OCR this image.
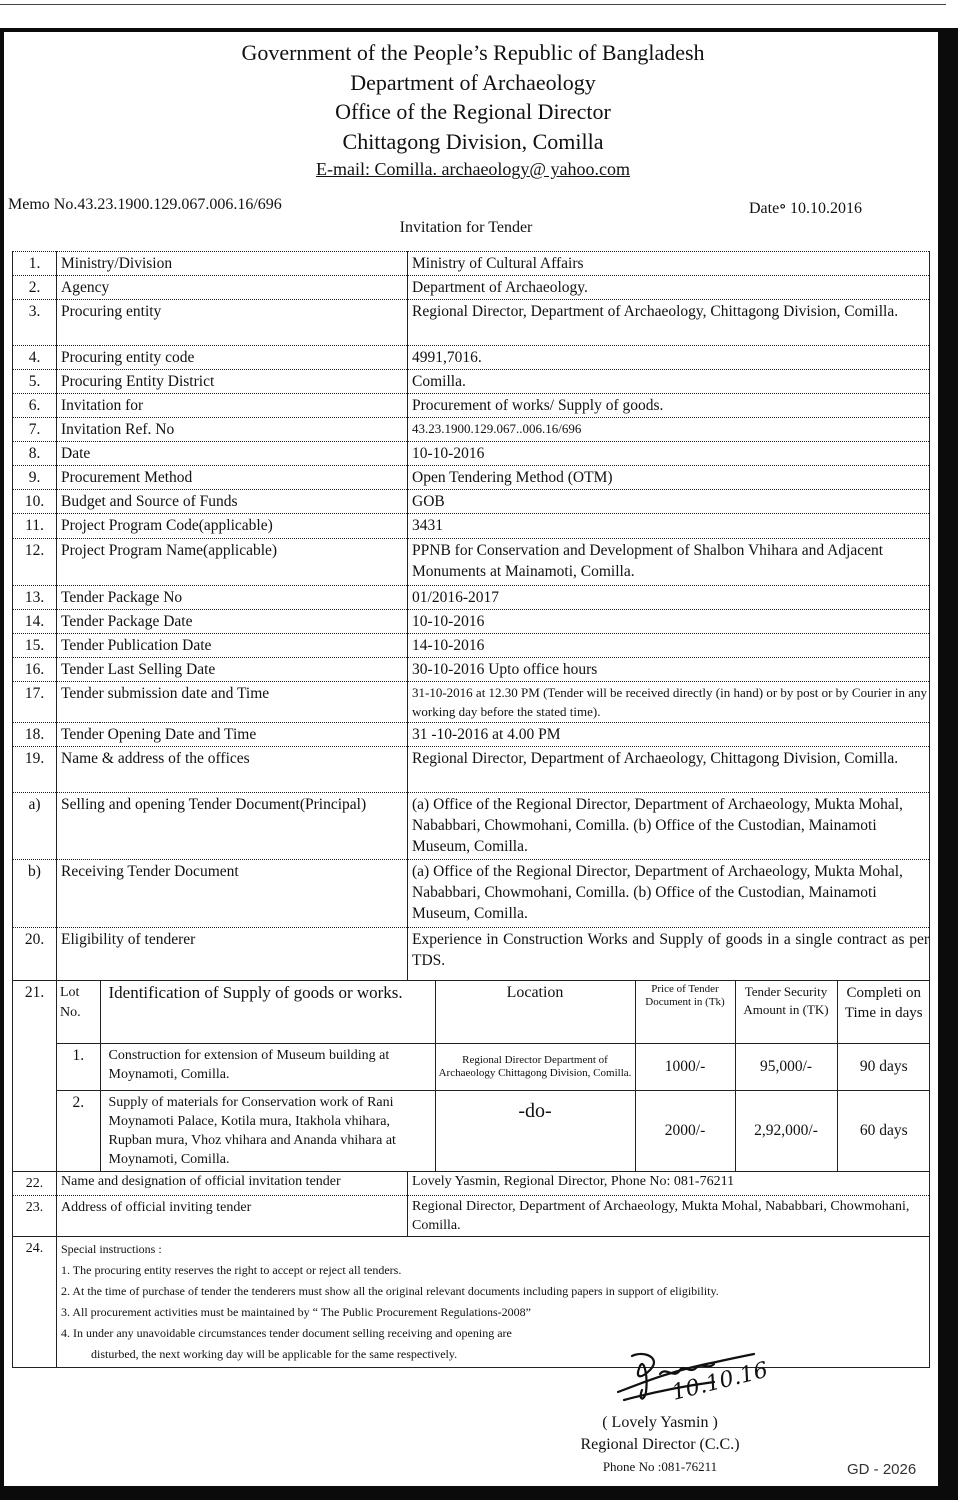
Government of the People’s Republic of Bangladesh
Department of Archaeology
Office of the Regional Director
Chittagong Division, Comilla
E-mail: Comilla. archaeology@ yahoo.com
Memo No.43.23.1900.129.067.006.16/696	Date॰ 10.10.2016
Invitation for Tender
1.	Ministry/Division	Ministry of Cultural Affairs
2.	Agency	Department of Archaeology.
3.	Procuring entity	Regional Director, Department of Archaeology, Chittagong Division, Comilla.
4.	Procuring entity code	4991,7016.
5.	Procuring Entity District	Comilla.
6.	Invitation for	Procurement of works/ Supply of goods.
7.	Invitation Ref. No	43.23.1900.129.067..006.16/696
8.	Date	10-10-2016
9.	Procurement Method	Open Tendering Method (OTM)
10.	Budget and Source of Funds	GOB
11.	Project Program Code(applicable)	3431
12.	Project Program Name(applicable)	PPNB for Conservation and Development of Shalbon Vhihara and Adjacent Monuments at Mainamoti, Comilla.
13.	Tender Package No	01/2016-2017
14.	Tender Package Date	10-10-2016
15.	Tender Publication Date	14-10-2016
16.	Tender Last Selling Date	30-10-2016 Upto office hours
17.	Tender submission date and Time	31-10-2016 at 12.30 PM (Tender will be received directly (in hand) or by post or by Courier in any working day before the stated time).
18.	Tender Opening Date and Time	31 -10-2016 at 4.00 PM
19.	Name & address of the offices	Regional Director, Department of Archaeology, Chittagong Division, Comilla.
a)	Selling and opening Tender Document(Principal)	(a) Office of the Regional Director, Department of Archaeology, Mukta Mohal, Nababbari, Chowmohani, Comilla. (b) Office of the Custodian, Mainamoti Museum, Comilla.
b)	Receiving Tender Document	(a) Office of the Regional Director, Department of Archaeology, Mukta Mohal, Nababbari, Chowmohani, Comilla. (b) Office of the Custodian, Mainamoti Museum, Comilla.
20.	Eligibility of tenderer	Experience in Construction Works and Supply of goods in a single contract as per TDS.
21.	Lot No.	Identification of Supply of goods or works.	Location	Price of Tender Document in (Tk)	Tender Security Amount in (TK)	Completi on Time in days
1.	Construction for extension of Museum building at Moynamoti, Comilla.	Regional Director Department of Archaeology Chittagong Division, Comilla.	1000/-	95,000/-	90 days
2.	Supply of materials for Conservation work of Rani Moynamoti Palace, Kotila mura, Itakhola vhihara, Rupban mura, Vhoz vhihara and Ananda vhihara at Moynamoti, Comilla.	-do-	2000/-	2,92,000/-	60 days

22.	Name and designation of official invitation tender	Lovely Yasmin, Regional Director, Phone No: 081-76211
23.	Address of official inviting tender	Regional Director, Department of Archaeology, Mukta Mohal, Nababbari, Chowmohani, Comilla.
24.	Special instructions :
1. The procuring entity reserves the right to accept or reject all tenders.
2. At the time of purchase of tender the tenderers must show all the original relevant documents including papers in support of eligibility.
3. All procurement activities must be maintained by “ The Public Procurement Regulations-2008”
4. In under any unavoidable circumstances tender document selling receiving and opening are
disturbed, the next working day will be applicable for the same respectively.
10.10.16
( Lovely Yasmin )
Regional Director (C.C.)
Phone No :081-76211	GD - 2026
